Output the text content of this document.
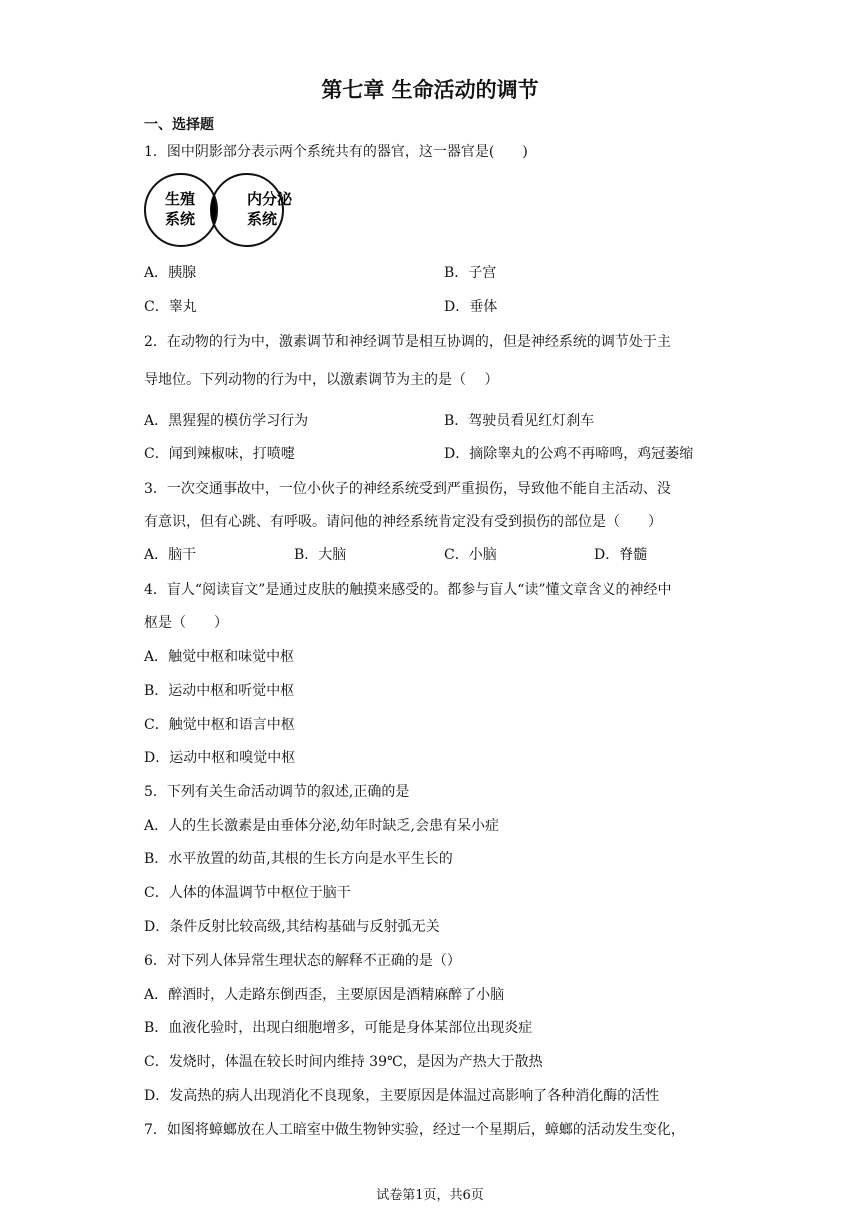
第七章 生命活动的调节
一、选择题
1．图中阴影部分表示两个系统共有的器官，这一器官是(　　)
生殖
系统
内分泌
系统
A．胰腺	B．子宫
C．睾丸	D．垂体
2．在动物的行为中，激素调节和神经调节是相互协调的，但是神经系统的调节处于主
导地位。下列动物的行为中，以激素调节为主的是（　 ）
A．黑猩猩的模仿学习行为	B．驾驶员看见红灯刹车
C．闻到辣椒味，打喷嚏	D．摘除睾丸的公鸡不再啼鸣，鸡冠萎缩
3．一次交通事故中，一位小伙子的神经系统受到严重损伤，导致他不能自主活动、没
有意识，但有心跳、有呼吸。请问他的神经系统肯定没有受到损伤的部位是（　　）
A．脑干	B．大脑	C．小脑	D．脊髓
4．盲人“阅读盲文”是通过皮肤的触摸来感受的。都参与盲人“读”懂文章含义的神经中
枢是（　　）
A．触觉中枢和味觉中枢
B．运动中枢和听觉中枢
C．触觉中枢和语言中枢
D．运动中枢和嗅觉中枢
5．下列有关生命活动调节的叙述,正确的是
A．人的生长激素是由垂体分泌,幼年时缺乏,会患有呆小症
B．水平放置的幼苗,其根的生长方向是水平生长的
C．人体的体温调节中枢位于脑干
D．条件反射比较高级,其结构基础与反射弧无关
6．对下列人体异常生理状态的解释不正确的是（）
A．醉酒时，人走路东倒西歪，主要原因是酒精麻醉了小脑
B．血液化验时，出现白细胞增多，可能是身体某部位出现炎症
C．发烧时，体温在较长时间内维持 39℃，是因为产热大于散热
D．发高热的病人出现消化不良现象，主要原因是体温过高影响了各种消化酶的活性
7．如图将蟑螂放在人工暗室中做生物钟实验，经过一个星期后，蟑螂的活动发生变化，
试卷第1页，共6页
